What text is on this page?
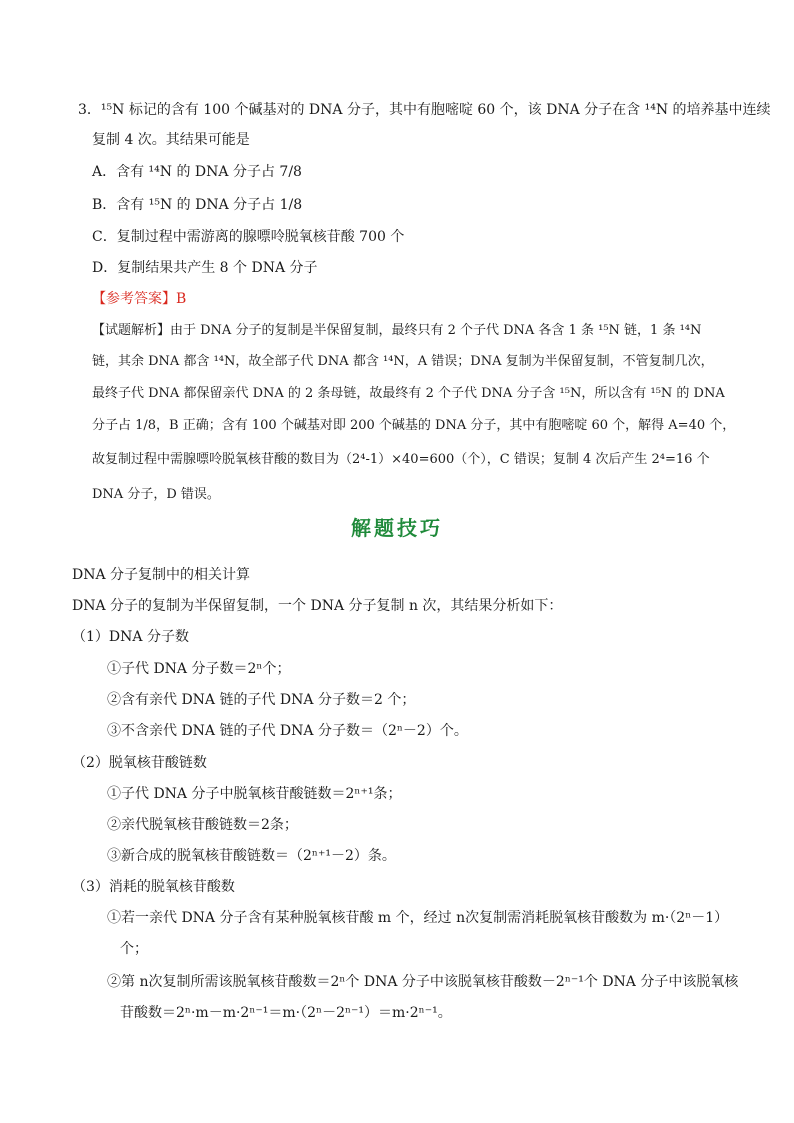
3．¹⁵N 标记的含有 100 个碱基对的 DNA 分子，其中有胞嘧啶 60 个，该 DNA 分子在含 ¹⁴N 的培养基中连续
复制 4 次。其结果可能是
A．含有 ¹⁴N 的 DNA 分子占 7/8
B．含有 ¹⁵N 的 DNA 分子占 1/8
C．复制过程中需游离的腺嘌呤脱氧核苷酸 700 个
D．复制结果共产生 8 个 DNA 分子
【参考答案】B
【试题解析】由于 DNA 分子的复制是半保留复制，最终只有 2 个子代 DNA 各含 1 条 ¹⁵N 链，1 条 ¹⁴N
链，其余 DNA 都含 ¹⁴N，故全部子代 DNA 都含 ¹⁴N，A 错误；DNA 复制为半保留复制，不管复制几次，
最终子代 DNA 都保留亲代 DNA 的 2 条母链，故最终有 2 个子代 DNA 分子含 ¹⁵N，所以含有 ¹⁵N 的 DNA
分子占 1/8，B 正确；含有 100 个碱基对即 200 个碱基的 DNA 分子，其中有胞嘧啶 60 个，解得 A=40 个，
故复制过程中需腺嘌呤脱氧核苷酸的数目为（2⁴-1）×40=600（个），C 错误；复制 4 次后产生 2⁴=16 个
DNA 分子，D 错误。
解题技巧
DNA 分子复制中的相关计算
DNA 分子的复制为半保留复制，一个 DNA 分子复制 n 次，其结果分析如下：
（1）DNA 分子数
①子代 DNA 分子数＝2ⁿ个；
②含有亲代 DNA 链的子代 DNA 分子数＝2 个；
③不含亲代 DNA 链的子代 DNA 分子数＝（2ⁿ－2）个。
（2）脱氧核苷酸链数
①子代 DNA 分子中脱氧核苷酸链数＝2ⁿ⁺¹条；
②亲代脱氧核苷酸链数＝2条；
③新合成的脱氧核苷酸链数＝（2ⁿ⁺¹－2）条。
（3）消耗的脱氧核苷酸数
①若一亲代 DNA 分子含有某种脱氧核苷酸 m 个，经过 n次复制需消耗脱氧核苷酸数为 m·（2ⁿ－1）
个；
②第 n次复制所需该脱氧核苷酸数＝2ⁿ个 DNA 分子中该脱氧核苷酸数－2ⁿ⁻¹个 DNA 分子中该脱氧核
苷酸数＝2ⁿ·m－m·2ⁿ⁻¹＝m·（2ⁿ－2ⁿ⁻¹）＝m·2ⁿ⁻¹。
